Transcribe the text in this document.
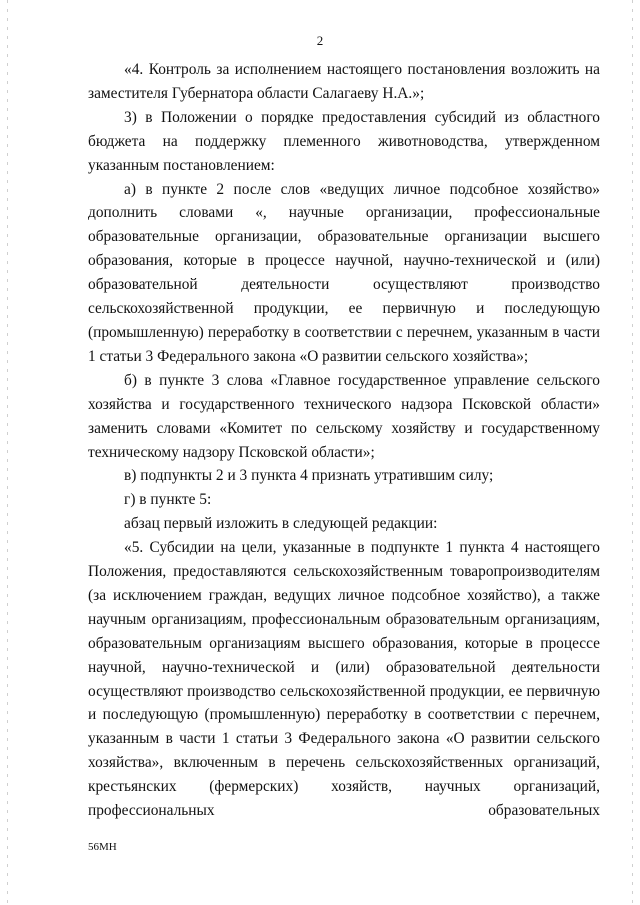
2

«4. Контроль за исполнением настоящего постановления возложить на заместителя Губернатора области Салагаеву Н.А.»;

3) в Положении о порядке предоставления субсидий из областного бюджета на поддержку племенного животноводства, утвержденном указанным постановлением:

а) в пункте 2 после слов «ведущих личное подсобное хозяйство» дополнить словами «, научные организации, профессиональные образовательные организации, образовательные организации высшего образования, которые в процессе научной, научно-технической и (или) образовательной деятельности осуществляют производство сельскохозяйственной продукции, ее первичную и последующую (промышленную) переработку в соответствии с перечнем, указанным в части 1 статьи 3 Федерального закона «О развитии сельского хозяйства»;

б) в пункте 3 слова «Главное государственное управление сельского хозяйства и государственного технического надзора Псковской области» заменить словами «Комитет по сельскому хозяйству и государственному техническому надзору Псковской области»;

в) подпункты 2 и 3 пункта 4 признать утратившим силу;

г) в пункте 5:

абзац первый изложить в следующей редакции:

«5. Субсидии на цели, указанные в подпункте 1 пункта 4 настоящего Положения, предоставляются сельскохозяйственным товаропроизводителям (за исключением граждан, ведущих личное подсобное хозяйство), а также научным организациям, профессиональным образовательным организациям, образовательным организациям высшего образования, которые в процессе научной, научно-технической и (или) образовательной деятельности осуществляют производство сельскохозяйственной продукции, ее первичную и последующую (промышленную) переработку в соответствии с перечнем, указанным в части 1 статьи 3 Федерального закона «О развитии сельского хозяйства», включенным в перечень сельскохозяйственных организаций, крестьянских (фермерских) хозяйств, научных организаций, профессиональных образовательных

56МН
